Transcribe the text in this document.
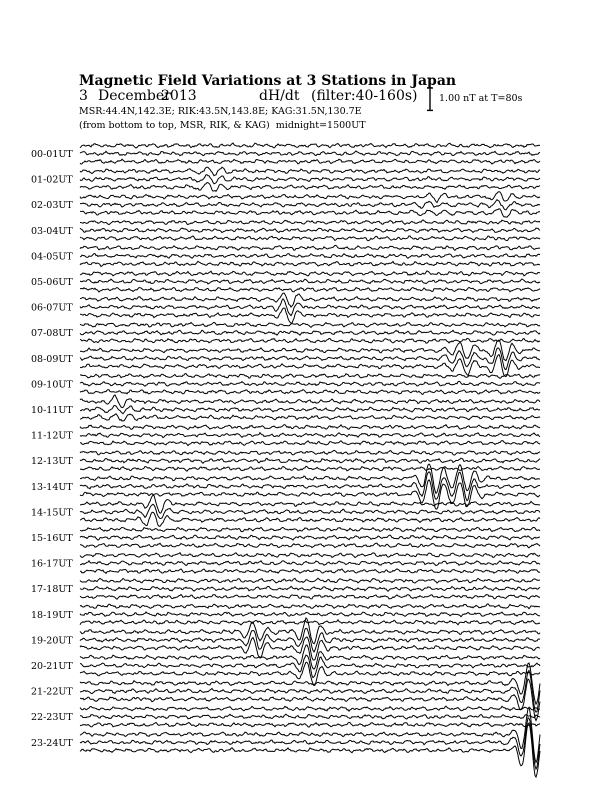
Magnetic Field Variations at 3 Stations in Japan
3 December
2013	dH/dt (filter:40-160s)
MSR:44.4N,142.3E; RIK:43.5N,143.8E; KAG:31.5N,130.7E
(from bottom to top, MSR, RIK, & KAG) midnight=1500UT
1.00 nT at T=80s
00-01UT
01-02UT
02-03UT
03-04UT
04-05UT
05-06UT
06-07UT
07-08UT
08-09UT
09-10UT
10-11UT
11-12UT
12-13UT
13-14UT
14-15UT
15-16UT
16-17UT
17-18UT
18-19UT
19-20UT
20-21UT
21-22UT
22-23UT
23-24UT
